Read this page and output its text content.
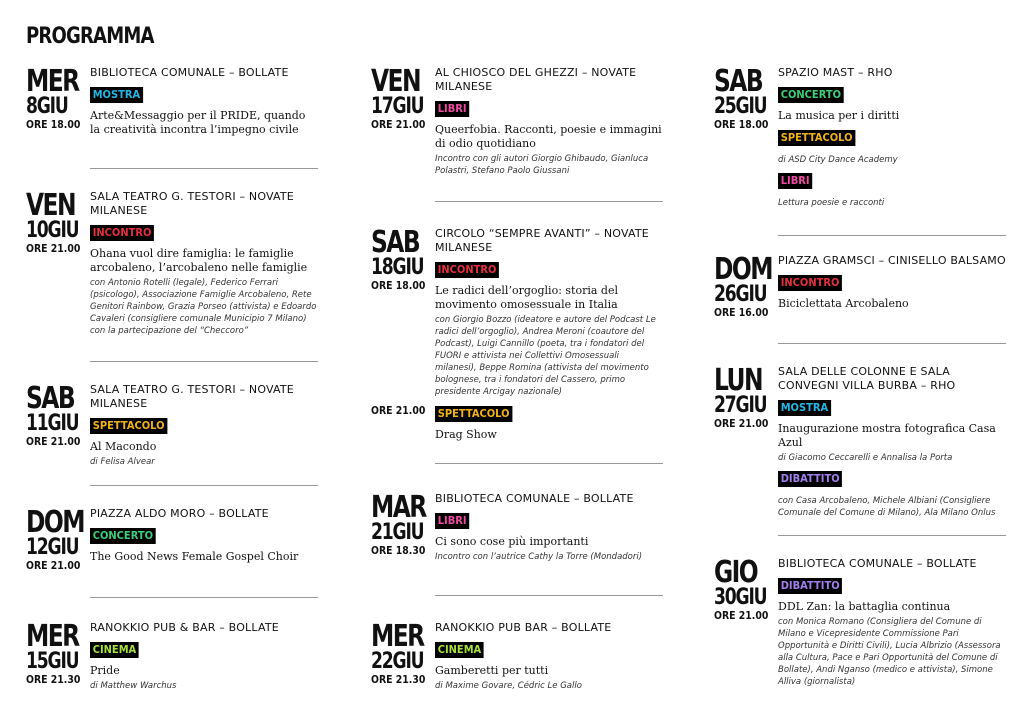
PROGRAMMA
MER
8GIU
ORE 18.00
BIBLIOTECA COMUNALE – BOLLATE
MOSTRA
Arte&Messaggio per il PRIDE, quando la creatività incontra l’impegno civile
VEN
10GIU
ORE 21.00
SALA TEATRO G. TESTORI – NOVATE MILANESE
INCONTRO
Ohana vuol dire famiglia: le famiglie arcobaleno, l’arcobaleno nelle famiglie
con Antonio Rotelli (legale), Federico Ferrari (psicologo), Associazione Famiglie Arcobaleno, Rete Genitori Rainbow, Grazia Porseo (attivista) e Edoardo Cavaleri (consigliere comunale Municipio 7 Milano) con la partecipazione del “Checcoro”
SAB
11GIU
ORE 21.00
SALA TEATRO G. TESTORI – NOVATE MILANESE
SPETTACOLO
Al Macondo
di Felisa Alvear
DOM
12GIU
ORE 21.00
PIAZZA ALDO MORO – BOLLATE
CONCERTO
The Good News Female Gospel Choir
MER
15GIU
ORE 21.30
RANOKKIO PUB & BAR – BOLLATE
CINEMA
Pride
di Matthew Warchus
VEN
17GIU
ORE 21.00
AL CHIOSCO DEL GHEZZI – NOVATE MILANESE
LIBRI
Queerfobia. Racconti, poesie e immagini di odio quotidiano
Incontro con gli autori Giorgio Ghibaudo, Gianluca Polastri, Stefano Paolo Giussani
SAB
18GIU
ORE 18.00
CIRCOLO “SEMPRE AVANTI” – NOVATE MILANESE
INCONTRO
Le radici dell’orgoglio: storia del movimento omosessuale in Italia
con Giorgio Bozzo (ideatore e autore del Podcast Le radici dell’orgoglio), Andrea Meroni (coautore del Podcast), Luigi Cannillo (poeta, tra i fondatori del FUORI e attivista nei Collettivi Omosessuali milanesi), Beppe Romina (attivista del movimento bolognese, tra i fondatori del Cassero, primo presidente Arcigay nazionale)
ORE 21.00 SPETTACOLO
Drag Show
MAR
21GIU
ORE 18.30
BIBLIOTECA COMUNALE – BOLLATE
LIBRI
Ci sono cose più importanti
Incontro con l’autrice Cathy la Torre (Mondadori)
MER
22GIU
ORE 21.30
RANOKKIO PUB BAR – BOLLATE
CINEMA
Gamberetti per tutti
di Maxime Govare, Cédric Le Gallo
SAB
25GIU
ORE 18.00
SPAZIO MAST – RHO
CONCERTO
La musica per i diritti
SPETTACOLO
di ASD City Dance Academy
LIBRI
Lettura poesie e racconti
DOM
26GIU
ORE 16.00
PIAZZA GRAMSCI – CINISELLO BALSAMO
INCONTRO
Biciclettata Arcobaleno
LUN
27GIU
ORE 21.00
SALA DELLE COLONNE E SALA CONVEGNI VILLA BURBA – RHO
MOSTRA
Inaugurazione mostra fotografica Casa Azul
di Giacomo Ceccarelli e Annalisa la Porta
DIBATTITO
con Casa Arcobaleno, Michele Albiani (Consigliere Comunale del Comune di Milano), Ala Milano Onlus
GIO
30GIU
ORE 21.00
BIBLIOTECA COMUNALE – BOLLATE
DIBATTITO
DDL Zan: la battaglia continua
con Monica Romano (Consigliera del Comune di Milano e Vicepresidente Commissione Pari Opportunità e Diritti Civili), Lucia Albrizio (Assessora alla Cultura, Pace e Pari Opportunità del Comune di Bollate), Andi Nganso (medico e attivista), Simone Alliva (giornalista)
